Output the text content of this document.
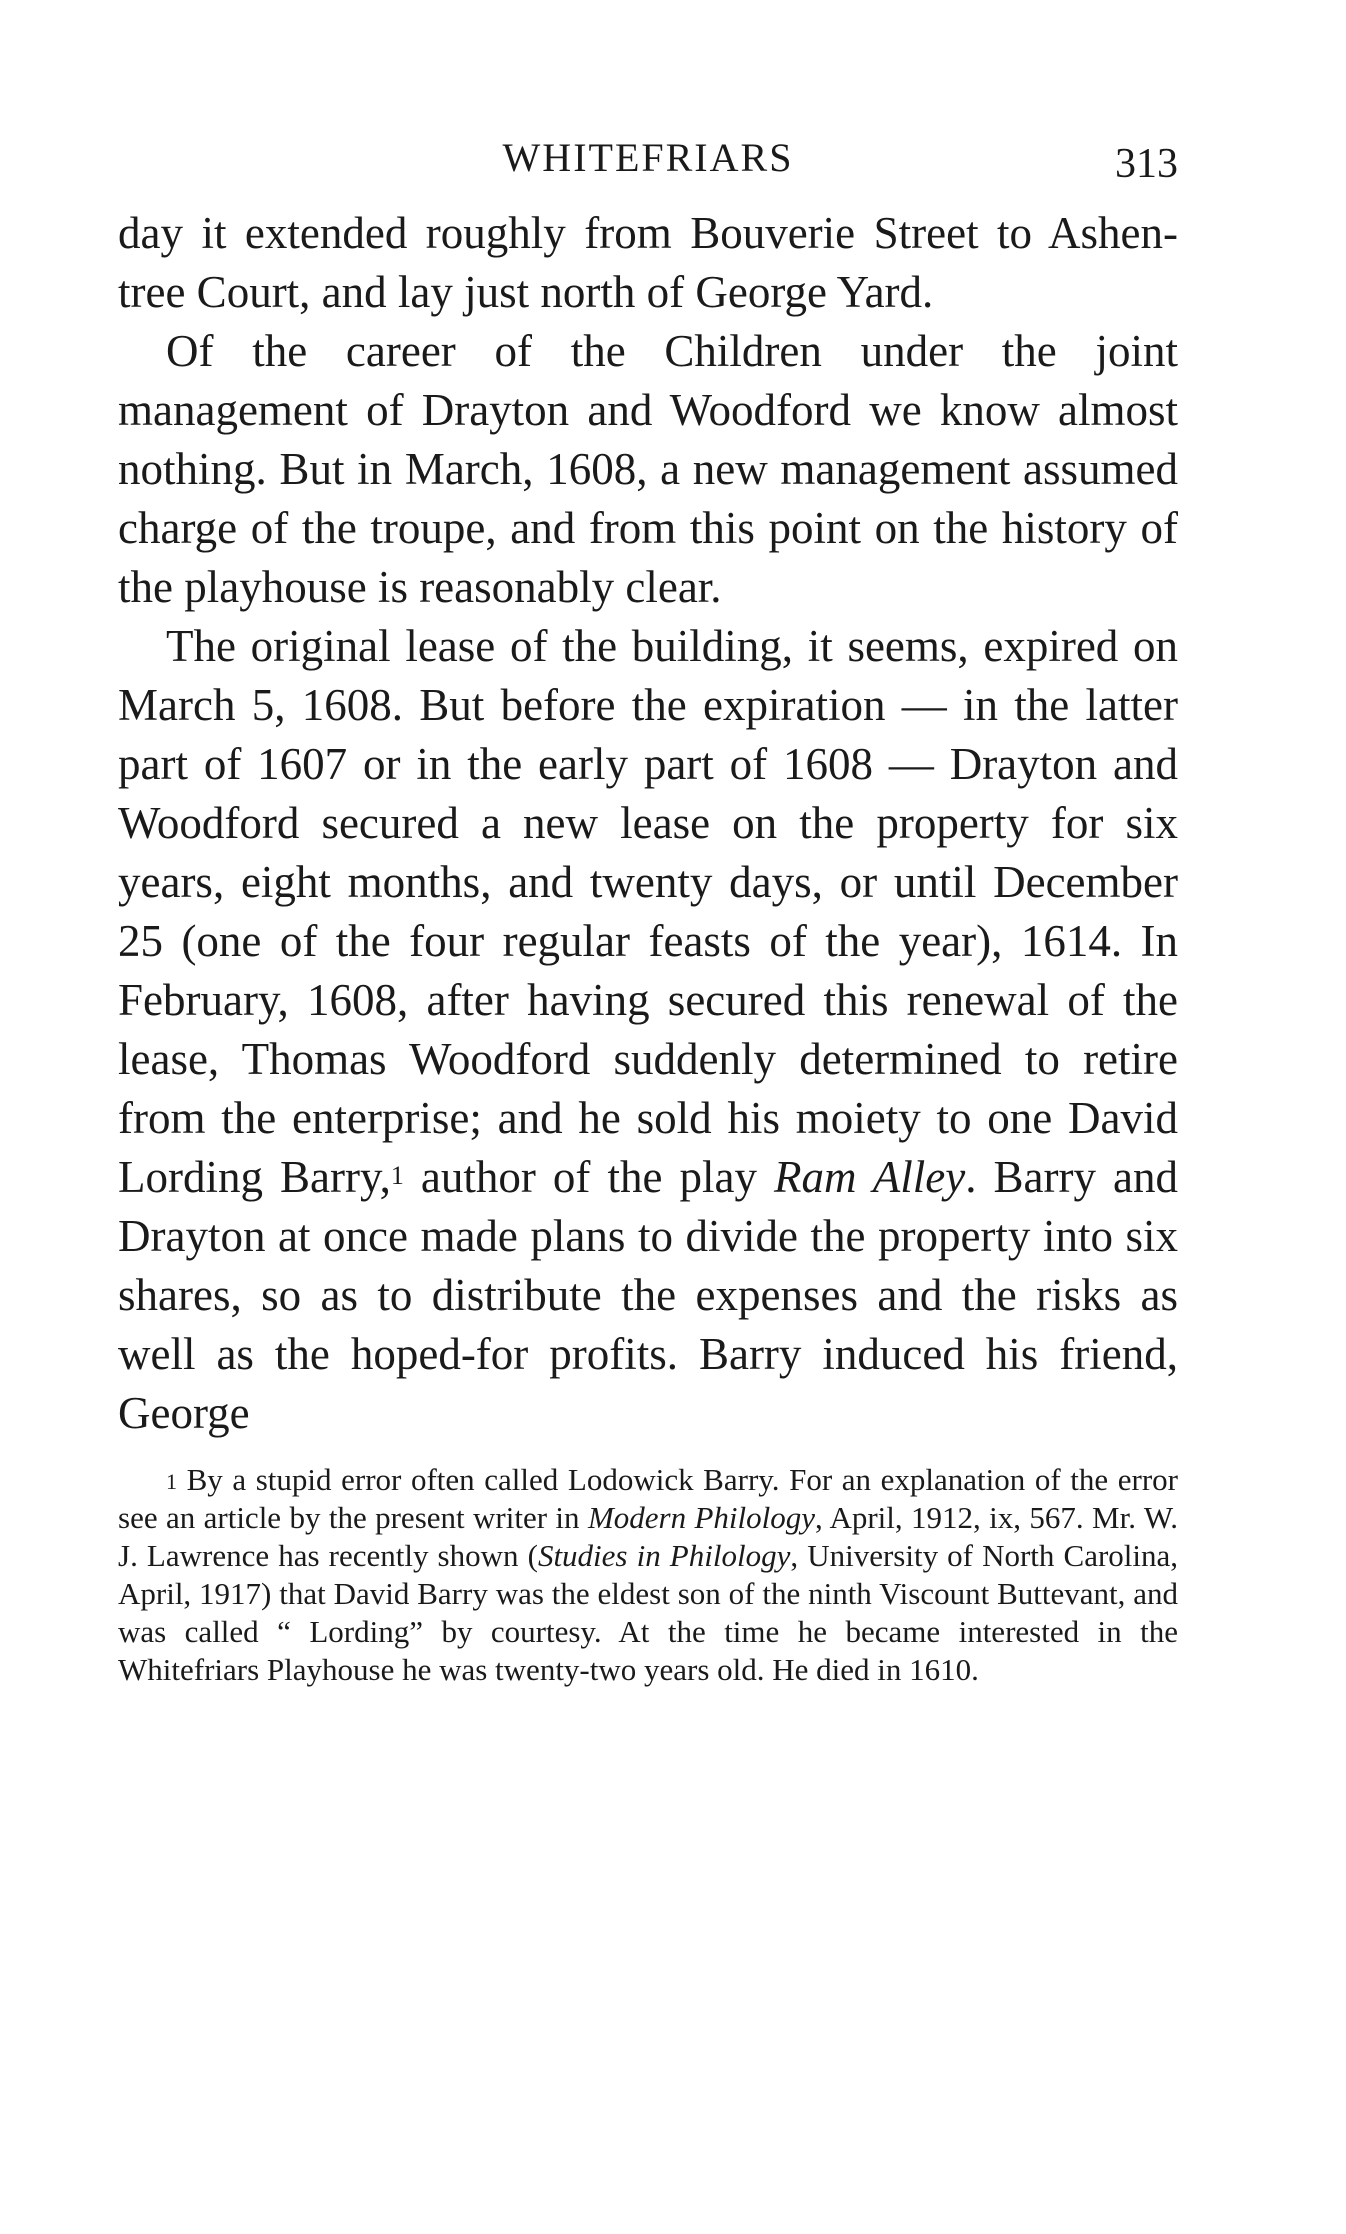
WHITEFRIARS	313

day it extended roughly from Bouverie Street to Ashen-tree Court, and lay just north of George Yard.

Of the career of the Children under the joint management of Drayton and Woodford we know almost nothing. But in March, 1608, a new management assumed charge of the troupe, and from this point on the history of the playhouse is reasonably clear.

The original lease of the building, it seems, expired on March 5, 1608. But before the expiration — in the latter part of 1607 or in the early part of 1608 — Drayton and Woodford secured a new lease on the property for six years, eight months, and twenty days, or until December 25 (one of the four regular feasts of the year), 1614. In February, 1608, after having secured this renewal of the lease, Thomas Woodford suddenly determined to retire from the enterprise; and he sold his moiety to one David Lording Barry,$^1$ author of the play Ram Alley. Barry and Drayton at once made plans to divide the property into six shares, so as to distribute the expenses and the risks as well as the hoped-for profits. Barry induced his friend, George

$^1$ By a stupid error often called Lodowick Barry. For an explanation of the error see an article by the present writer in Modern Philology, April, 1912, ix, 567. Mr. W. J. Lawrence has recently shown (Studies in Philology, University of North Carolina, April, 1917) that David Barry was the eldest son of the ninth Viscount Buttevant, and was called “ Lording” by courtesy. At the time he became interested in the Whitefriars Playhouse he was twenty-two years old. He died in 1610.
